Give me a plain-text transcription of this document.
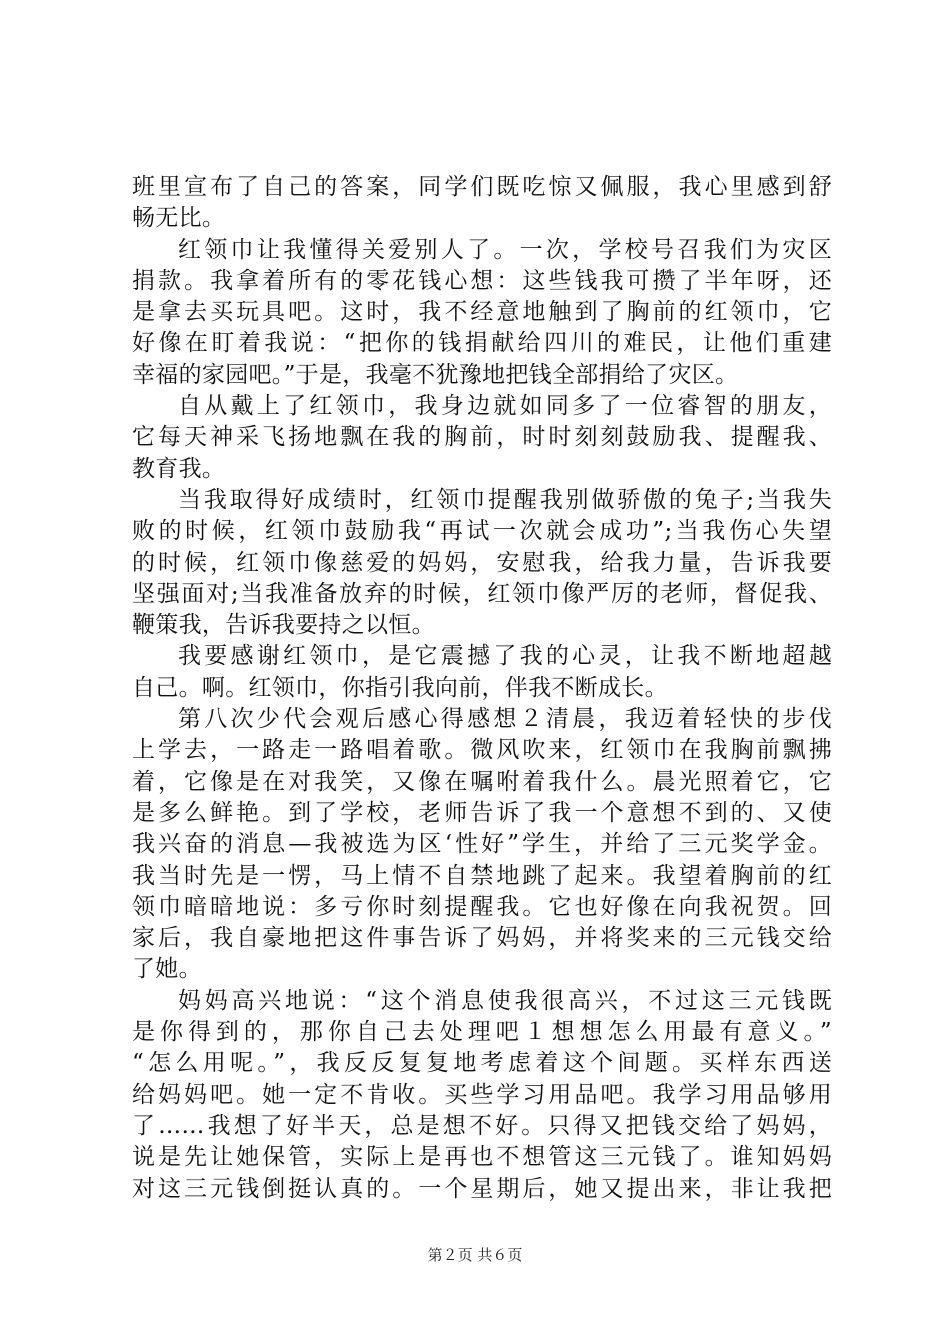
班里宣布了自己的答案，同学们既吃惊又佩服，我心里感到舒
畅无比。
红领巾让我懂得关爱别人了。一次，学校号召我们为灾区
捐款。我拿着所有的零花钱心想：这些钱我可攒了半年呀，还
是拿去买玩具吧。这时，我不经意地触到了胸前的红领巾，它
好像在盯着我说：“把你的钱捐献给四川的难民，让他们重建
幸福的家园吧。”于是，我毫不犹豫地把钱全部捐给了灾区。
自从戴上了红领巾，我身边就如同多了一位睿智的朋友，
它每天神采飞扬地飘在我的胸前，时时刻刻鼓励我、提醒我、
教育我。
当我取得好成绩时，红领巾提醒我别做骄傲的兔子;当我失
败的时候，红领巾鼓励我“再试一次就会成功”;当我伤心失望
的时候，红领巾像慈爱的妈妈，安慰我，给我力量，告诉我要
坚强面对;当我准备放弃的时候，红领巾像严厉的老师，督促我、
鞭策我，告诉我要持之以恒。
我要感谢红领巾，是它震撼了我的心灵，让我不断地超越
自己。啊。红领巾，你指引我向前，伴我不断成长。
第八次少代会观后感心得感想２清晨，我迈着轻快的步伐
上学去，一路走一路唱着歌。微风吹来，红领巾在我胸前飘拂
着，它像是在对我笑，又像在嘱咐着我什么。晨光照着它，它
是多么鲜艳。到了学校，老师告诉了我一个意想不到的、又使
我兴奋的消息—我被选为区‘性好”学生，并给了三元奖学金。
我当时先是一愣，马上情不自禁地跳了起来。我望着胸前的红
领巾暗暗地说：多亏你时刻提醒我。它也好像在向我祝贺。回
家后，我自豪地把这件事告诉了妈妈，并将奖来的三元钱交给
了她。
妈妈高兴地说：“这个消息使我很高兴，不过这三元钱既
是你得到的，那你自己去处理吧１想想怎么用最有意义。”
“怎么用呢。”，我反反复复地考虑着这个间题。买样东西送
给妈妈吧。她一定不肯收。买些学习用品吧。我学习用品够用
了……我想了好半天，总是想不好。只得又把钱交给了妈妈，
说是先让她保管，实际上是再也不想管这三元钱了。谁知妈妈
对这三元钱倒挺认真的。一个星期后，她又提出来，非让我把
第２页 共６页
